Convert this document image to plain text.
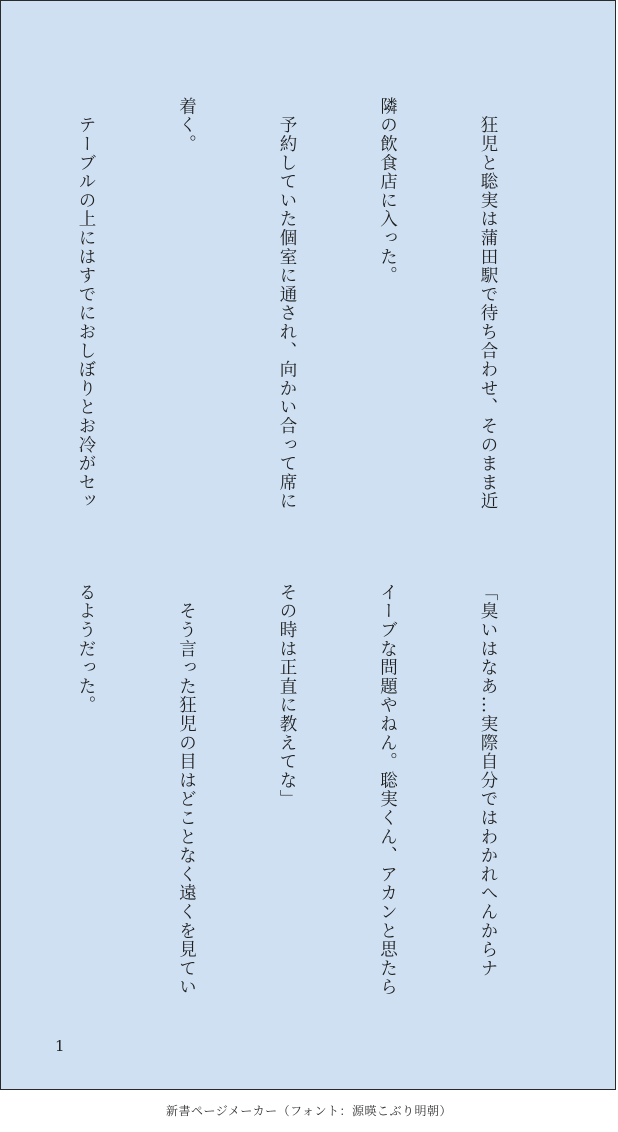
　狂児と聡実は蒲田駅で待ち合わせ、そのまま近

隣の飲食店に入った。

　予約していた個室に通され、向かい合って席に

着く。

　テーブルの上にはすでにおしぼりとお冷がセッ

「臭いはなあ…実際自分ではわかれへんからナ

イーブな問題やねん。聡実くん、アカンと思たら

その時は正直に教えてな」

　そう言った狂児の目はどことなく遠くを見てい

るようだった。

1
新書ページメーカー（フォント：源暎こぶり明朝）
